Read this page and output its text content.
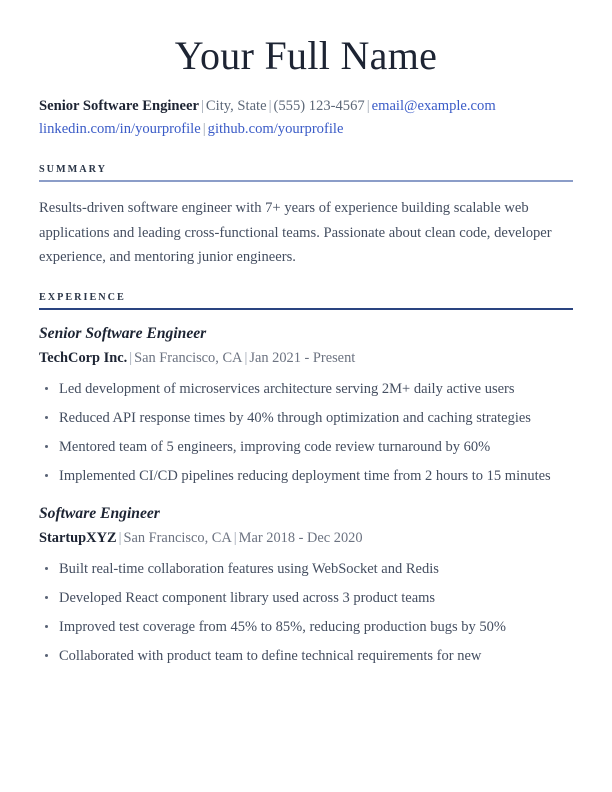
Your Full Name

Senior Software Engineer | City, State | (555) 123-4567 | email@example.com

linkedin.com/in/yourprofile | github.com/yourprofile

SUMMARY

Results-driven software engineer with 7+ years of experience building scalable web applications and leading cross-functional teams. Passionate about clean code, developer experience, and mentoring junior engineers.

EXPERIENCE
Senior Software Engineer
TechCorp Inc. | San Francisco, CA | Jan 2021 - Present
Led development of microservices architecture serving 2M+ daily active users
Reduced API response times by 40% through optimization and caching strategies
Mentored team of 5 engineers, improving code review turnaround by 60%
Implemented CI/CD pipelines reducing deployment time from 2 hours to 15 minutes
Software Engineer
StartupXYZ | San Francisco, CA | Mar 2018 - Dec 2020
Built real-time collaboration features using WebSocket and Redis
Developed React component library used across 3 product teams
Improved test coverage from 45% to 85%, reducing production bugs by 50%
Collaborated with product team to define technical requirements for new
